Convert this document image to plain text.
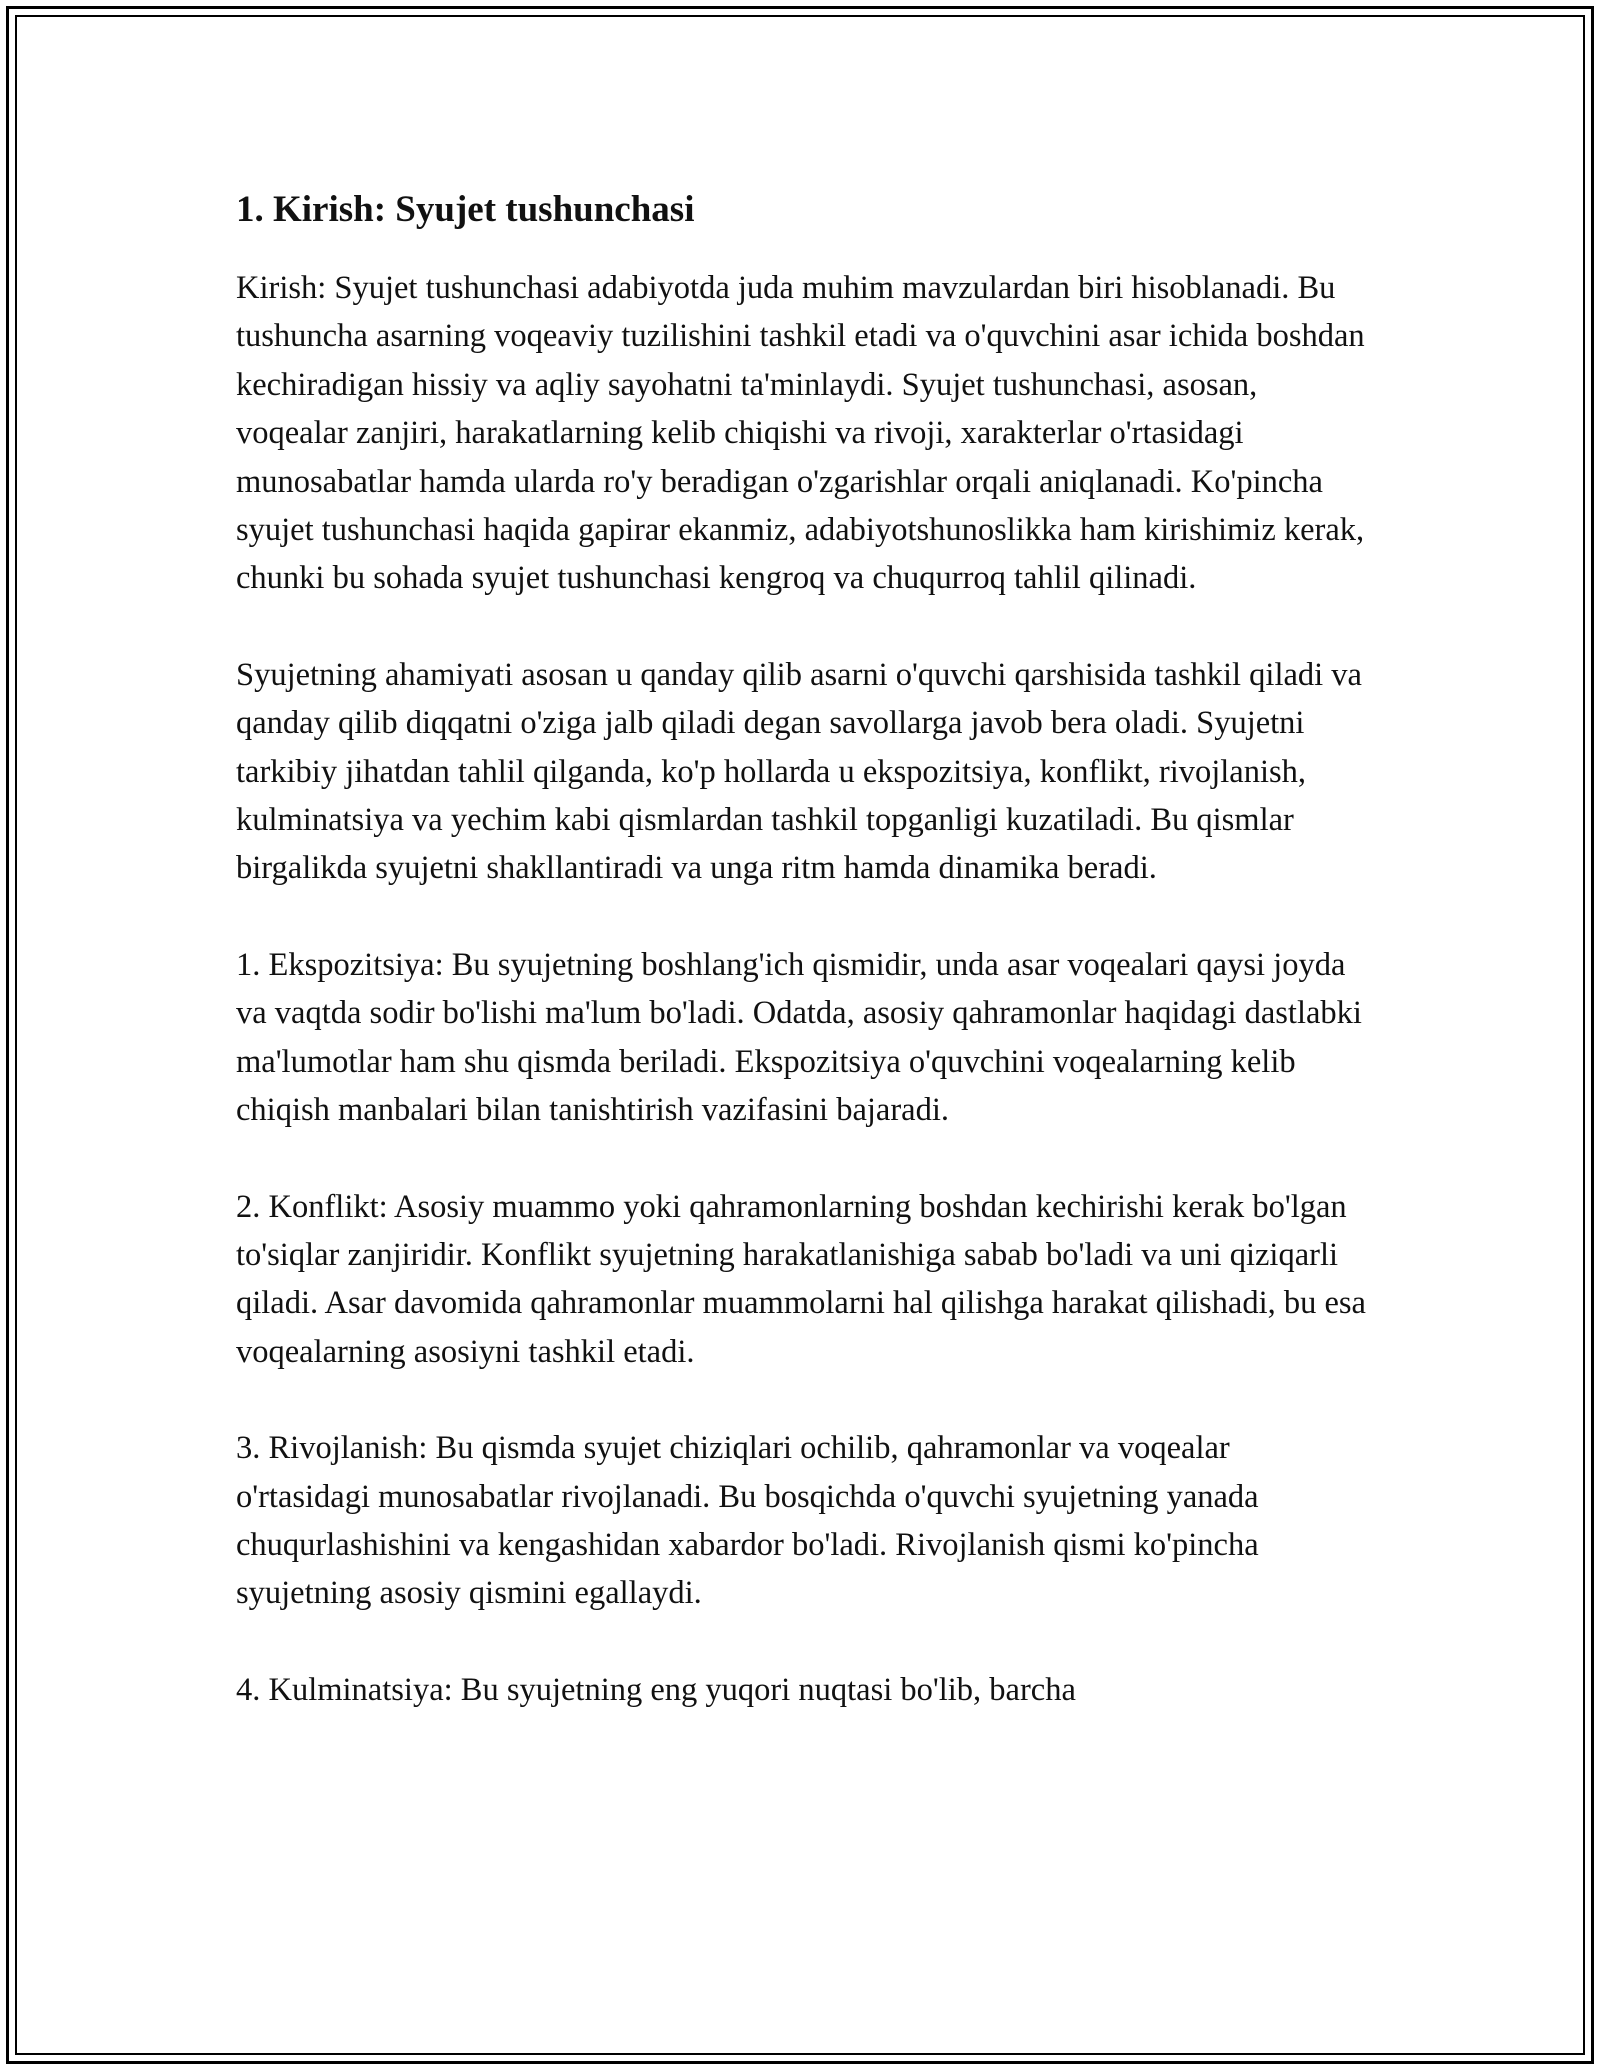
1. Kirish: Syujet tushunchasi

Kirish: Syujet tushunchasi adabiyotda juda muhim mavzulardan biri hisoblanadi. Bu tushuncha asarning voqeaviy tuzilishini tashkil etadi va o'quvchini asar ichida boshdan kechiradigan hissiy va aqliy sayohatni ta'minlaydi. Syujet tushunchasi, asosan, voqealar zanjiri, harakatlarning kelib chiqishi va rivoji, xarakterlar o'rtasidagi munosabatlar hamda ularda ro'y beradigan o'zgarishlar orqali aniqlanadi. Ko'pincha syujet tushunchasi haqida gapirar ekanmiz, adabiyotshunoslikka ham kirishimiz kerak, chunki bu sohada syujet tushunchasi kengroq va chuqurroq tahlil qilinadi.

Syujetning ahamiyati asosan u qanday qilib asarni o'quvchi qarshisida tashkil qiladi va qanday qilib diqqatni o'ziga jalb qiladi degan savollarga javob bera oladi. Syujetni tarkibiy jihatdan tahlil qilganda, ko'p hollarda u ekspozitsiya, konflikt, rivojlanish, kulminatsiya va yechim kabi qismlardan tashkil topganligi kuzatiladi. Bu qismlar birgalikda syujetni shakllantiradi va unga ritm hamda dinamika beradi.

1. Ekspozitsiya: Bu syujetning boshlang'ich qismidir, unda asar voqealari qaysi joyda va vaqtda sodir bo'lishi ma'lum bo'ladi. Odatda, asosiy qahramonlar haqidagi dastlabki ma'lumotlar ham shu qismda beriladi. Ekspozitsiya o'quvchini voqealarning kelib chiqish manbalari bilan tanishtirish vazifasini bajaradi.

2. Konflikt: Asosiy muammo yoki qahramonlarning boshdan kechirishi kerak bo'lgan to'siqlar zanjiridir. Konflikt syujetning harakatlanishiga sabab bo'ladi va uni qiziqarli qiladi. Asar davomida qahramonlar muammolarni hal qilishga harakat qilishadi, bu esa voqealarning asosiyni tashkil etadi.

3. Rivojlanish: Bu qismda syujet chiziqlari ochilib, qahramonlar va voqealar o'rtasidagi munosabatlar rivojlanadi. Bu bosqichda o'quvchi syujetning yanada chuqurlashishini va kengashidan xabardor bo'ladi. Rivojlanish qismi ko'pincha syujetning asosiy qismini egallaydi.

4. Kulminatsiya: Bu syujetning eng yuqori nuqtasi bo'lib, barcha
